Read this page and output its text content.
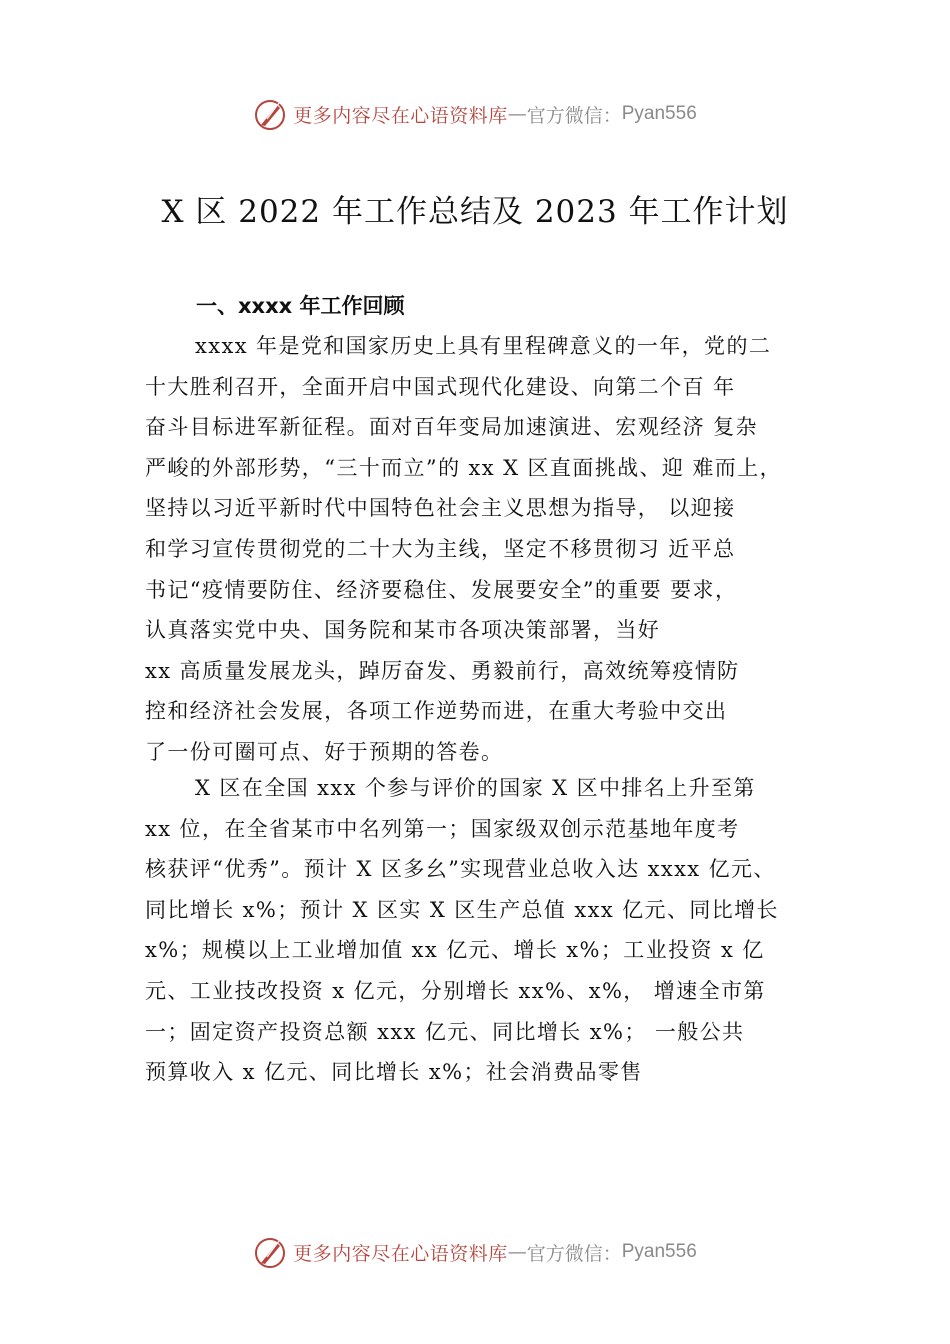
更多内容尽在心语资料库 — 官方微信： Pyan556
X 区 2022 年工作总结及 2023 年工作计划
一、xxxx 年工作回顾
xxxx 年是党和国家历史上具有里程碑意义的一年，党的二
十大胜利召开，全面开启中国式现代化建设、向第二个百 年
奋斗目标进军新征程。面对百年变局加速演进、宏观经济 复杂
严峻的外部形势，“三十而立”的 xx X 区直面挑战、迎 难而上，
坚持以习近平新时代中国特色社会主义思想为指导， 以迎接
和学习宣传贯彻党的二十大为主线，坚定不移贯彻习 近平总
书记“疫情要防住、经济要稳住、发展要安全”的重要 要求，
认真落实党中央、国务院和某市各项决策部署，当好
xx 高质量发展龙头，踔厉奋发、勇毅前行，高效统筹疫情防
控和经济社会发展，各项工作逆势而进，在重大考验中交出
了一份可圈可点、好于预期的答卷。
X 区在全国 xxx 个参与评价的国家 X 区中排名上升至第
xx 位，在全省某市中名列第一；国家级双创示范基地年度考
核获评“优秀”。预计 X 区多幺”实现营业总收入达 xxxx 亿元、
同比增长 x%；预计 X 区实 X 区生产总值 xxx 亿元、同比增长
x%；规模以上工业增加值 xx 亿元、增长 x%；工业投资 x 亿
元、工业技改投资 x 亿元，分别增长 xx%、x%， 增速全市第
一；固定资产投资总额 xxx 亿元、同比增长 x%； 一般公共
预算收入 x 亿元、同比增长 x%；社会消费品零售
更多内容尽在心语资料库 — 官方微信： Pyan556
